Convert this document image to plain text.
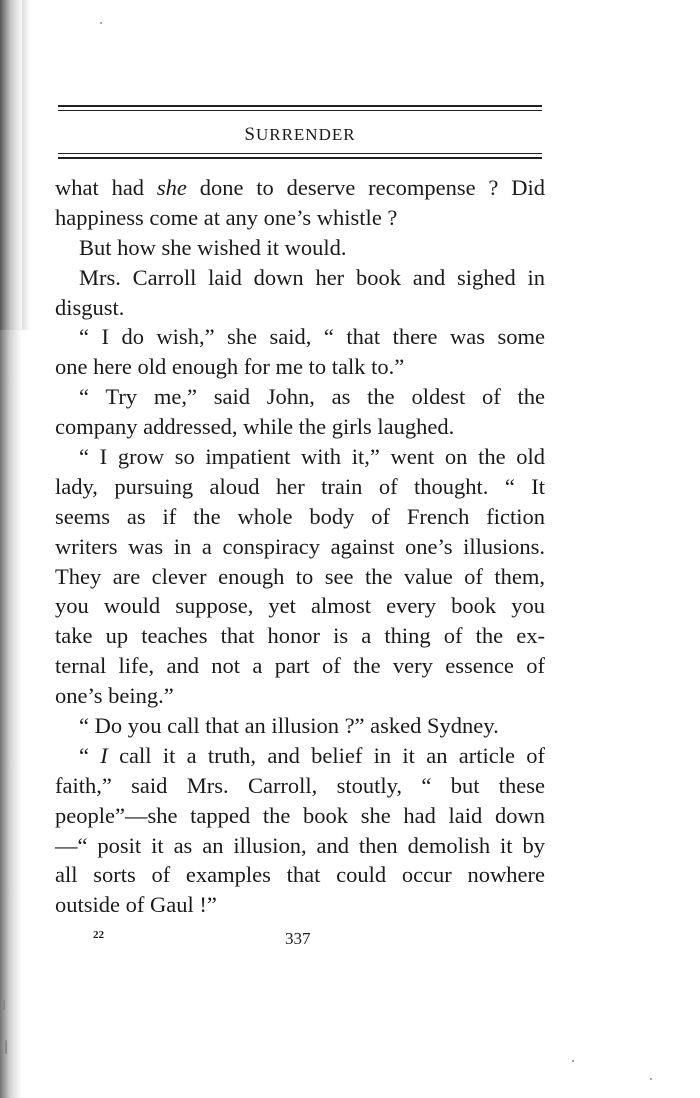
SURRENDER
what had she done to deserve recompense ? Did
happiness come at any one’s whistle ?
But how she wished it would.
Mrs. Carroll laid down her book and sighed in
disgust.
“ I do wish,” she said, “ that there was some
one here old enough for me to talk to.”
“ Try me,” said John, as the oldest of the
company addressed, while the girls laughed.
“ I grow so impatient with it,” went on the old
lady, pursuing aloud her train of thought. “ It
seems as if the whole body of French fiction
writers was in a conspiracy against one’s illusions.
They are clever enough to see the value of them,
you would suppose, yet almost every book you
take up teaches that honor is a thing of the ex-
ternal life, and not a part of the very essence of
one’s being.”
“ Do you call that an illusion ?” asked Sydney.
“ I call it a truth, and belief in it an article of
faith,” said Mrs. Carroll, stoutly, “ but these
people”—she tapped the book she had laid down
—“ posit it as an illusion, and then demolish it by
all sorts of examples that could occur nowhere
outside of Gaul !”
22	337
